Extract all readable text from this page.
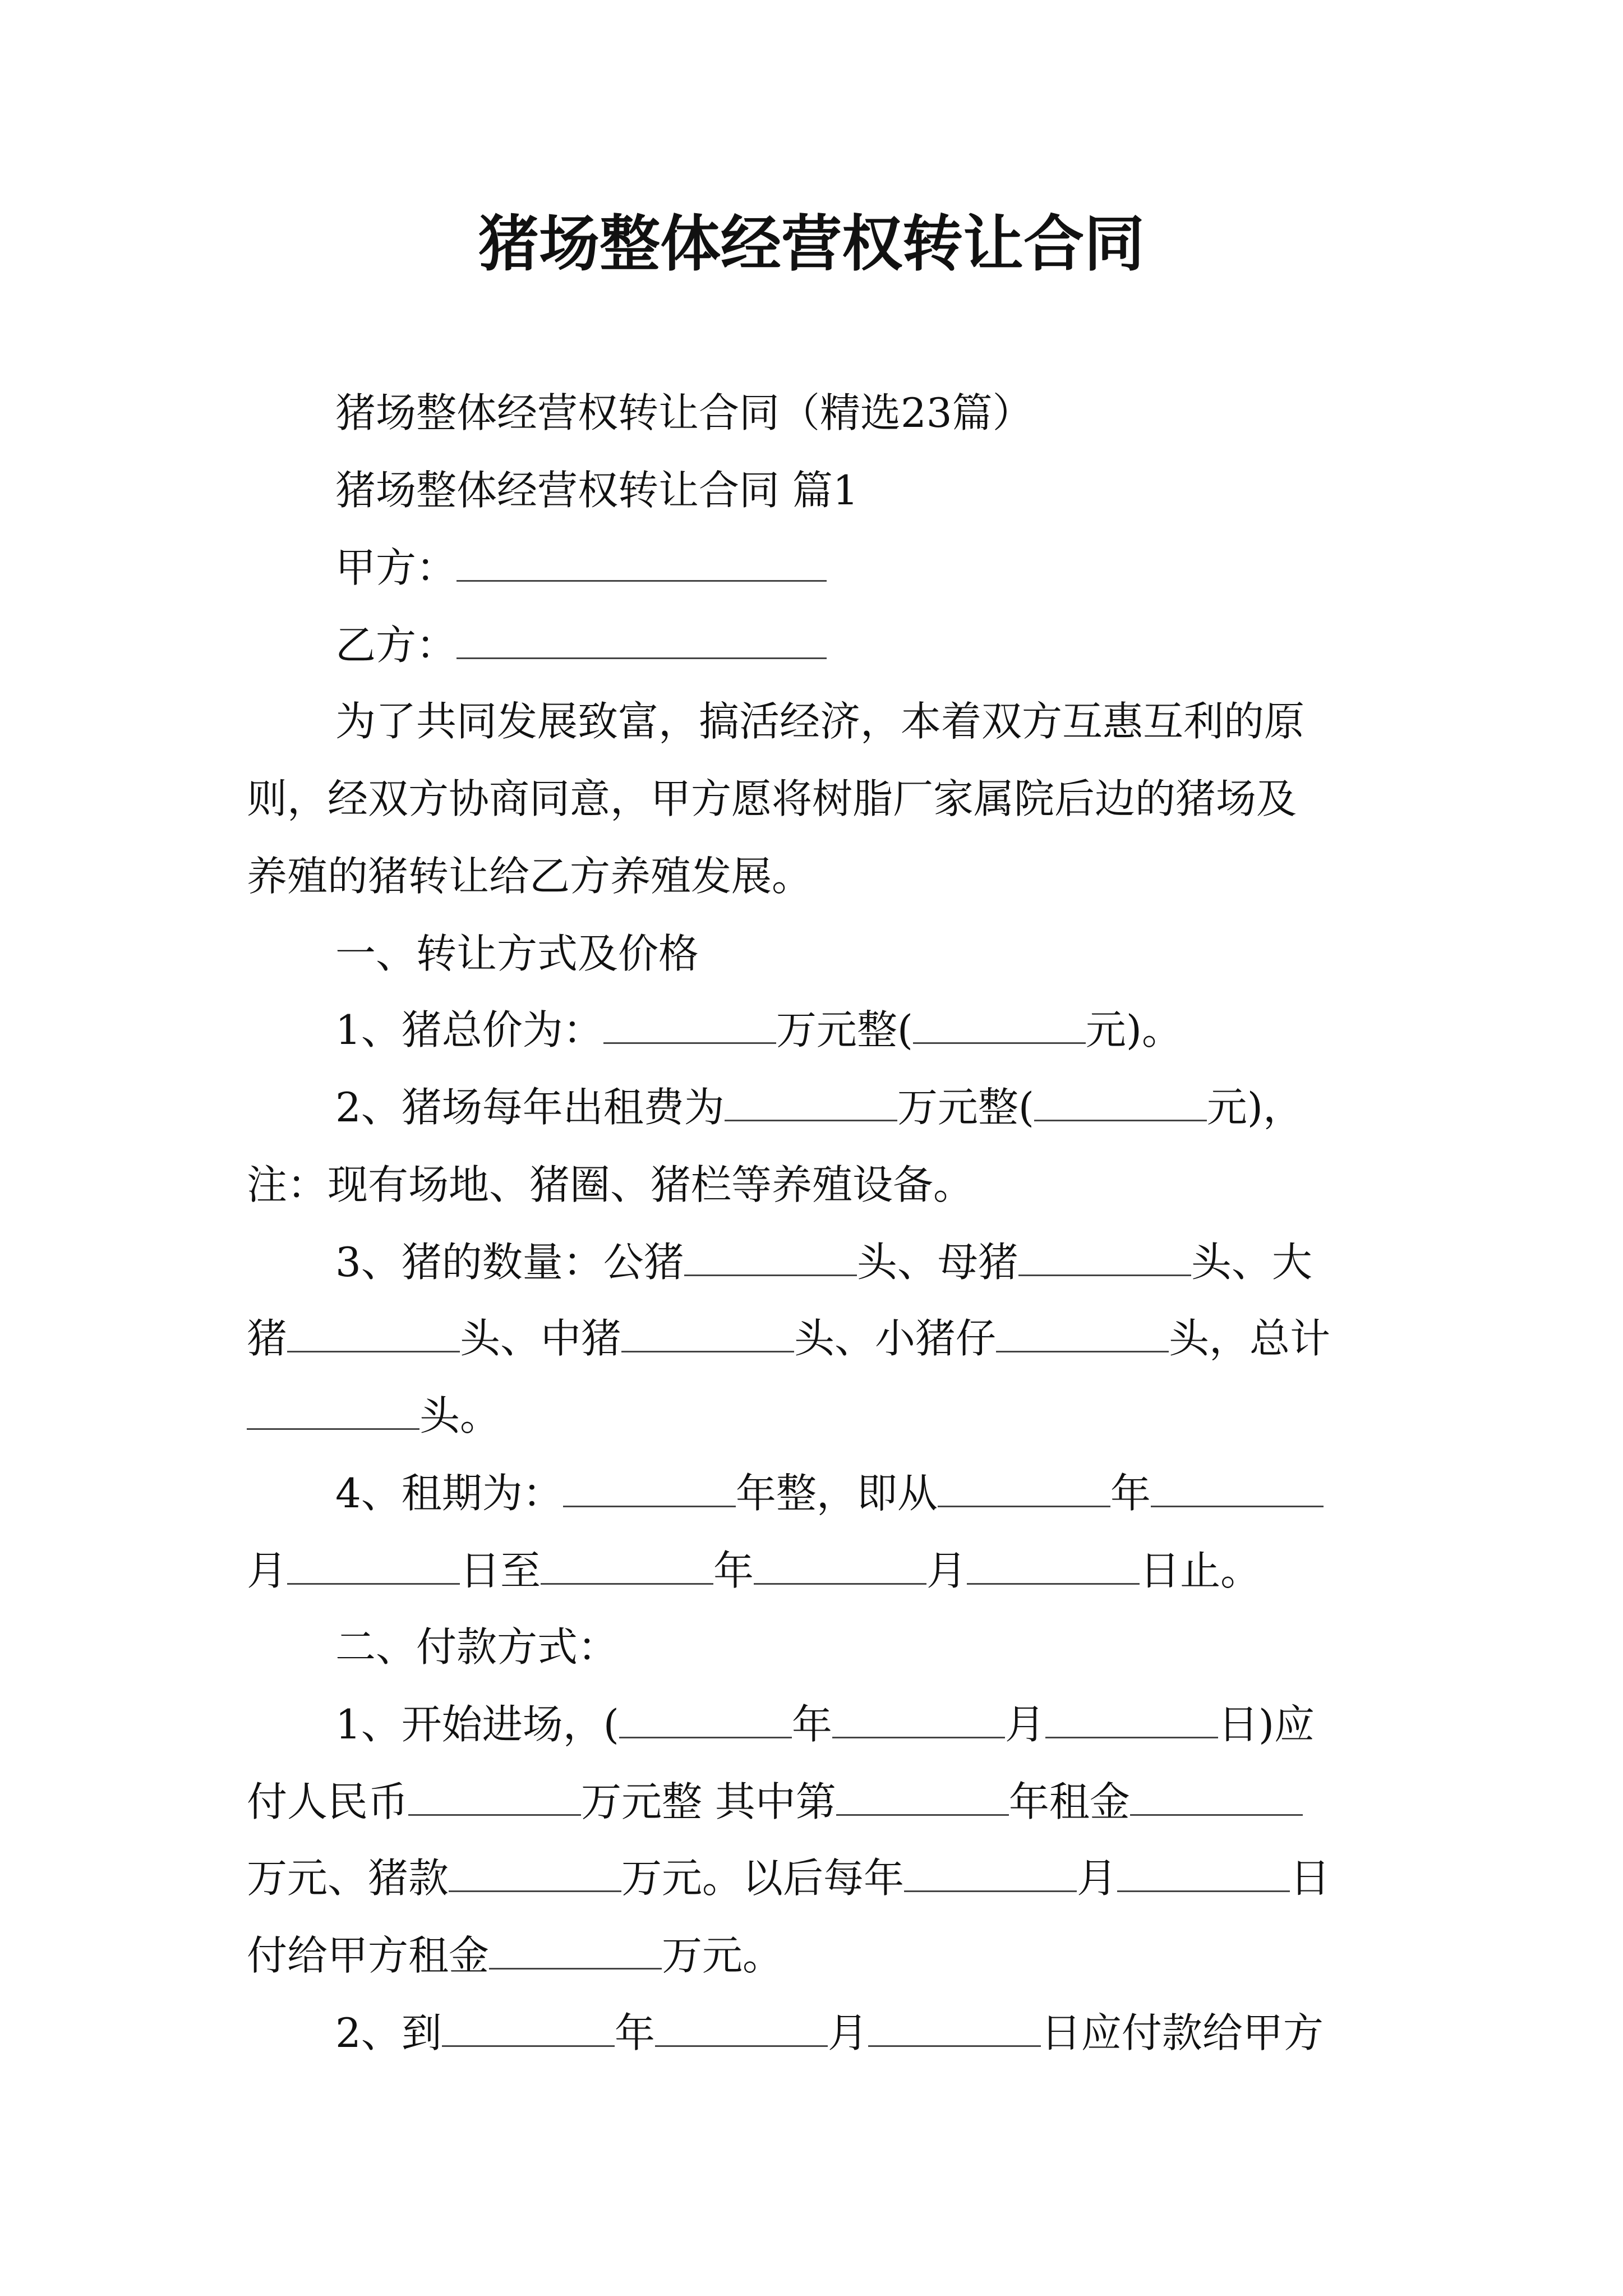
猪场整体经营权转让合同
猪场整体经营权转让合同（精选23篇）
猪场整体经营权转让合同 篇1
甲方：
乙方：
为了共同发展致富，搞活经济，本着双方互惠互利的原
则，经双方协商同意，甲方愿将树脂厂家属院后边的猪场及
养殖的猪转让给乙方养殖发展。
一、转让方式及价格
1、猪总价为：	万元整(	元)。
2、猪场每年出租费为	万元整(	元)，
注：现有场地、猪圈、猪栏等养殖设备。
3、猪的数量：公猪	头、母猪	头、大
猪	头、中猪	头、小猪仔	头，总计
头。
4、租期为：	年整，即从	年
月	日至	年	月	日止。
二、付款方式：
1、开始进场，(	年	月	日)应
付人民币	万元整 其中第	年租金
万元、猪款	万元。以后每年	月	日
付给甲方租金	万元。
2、到	年	月	日应付款给甲方
